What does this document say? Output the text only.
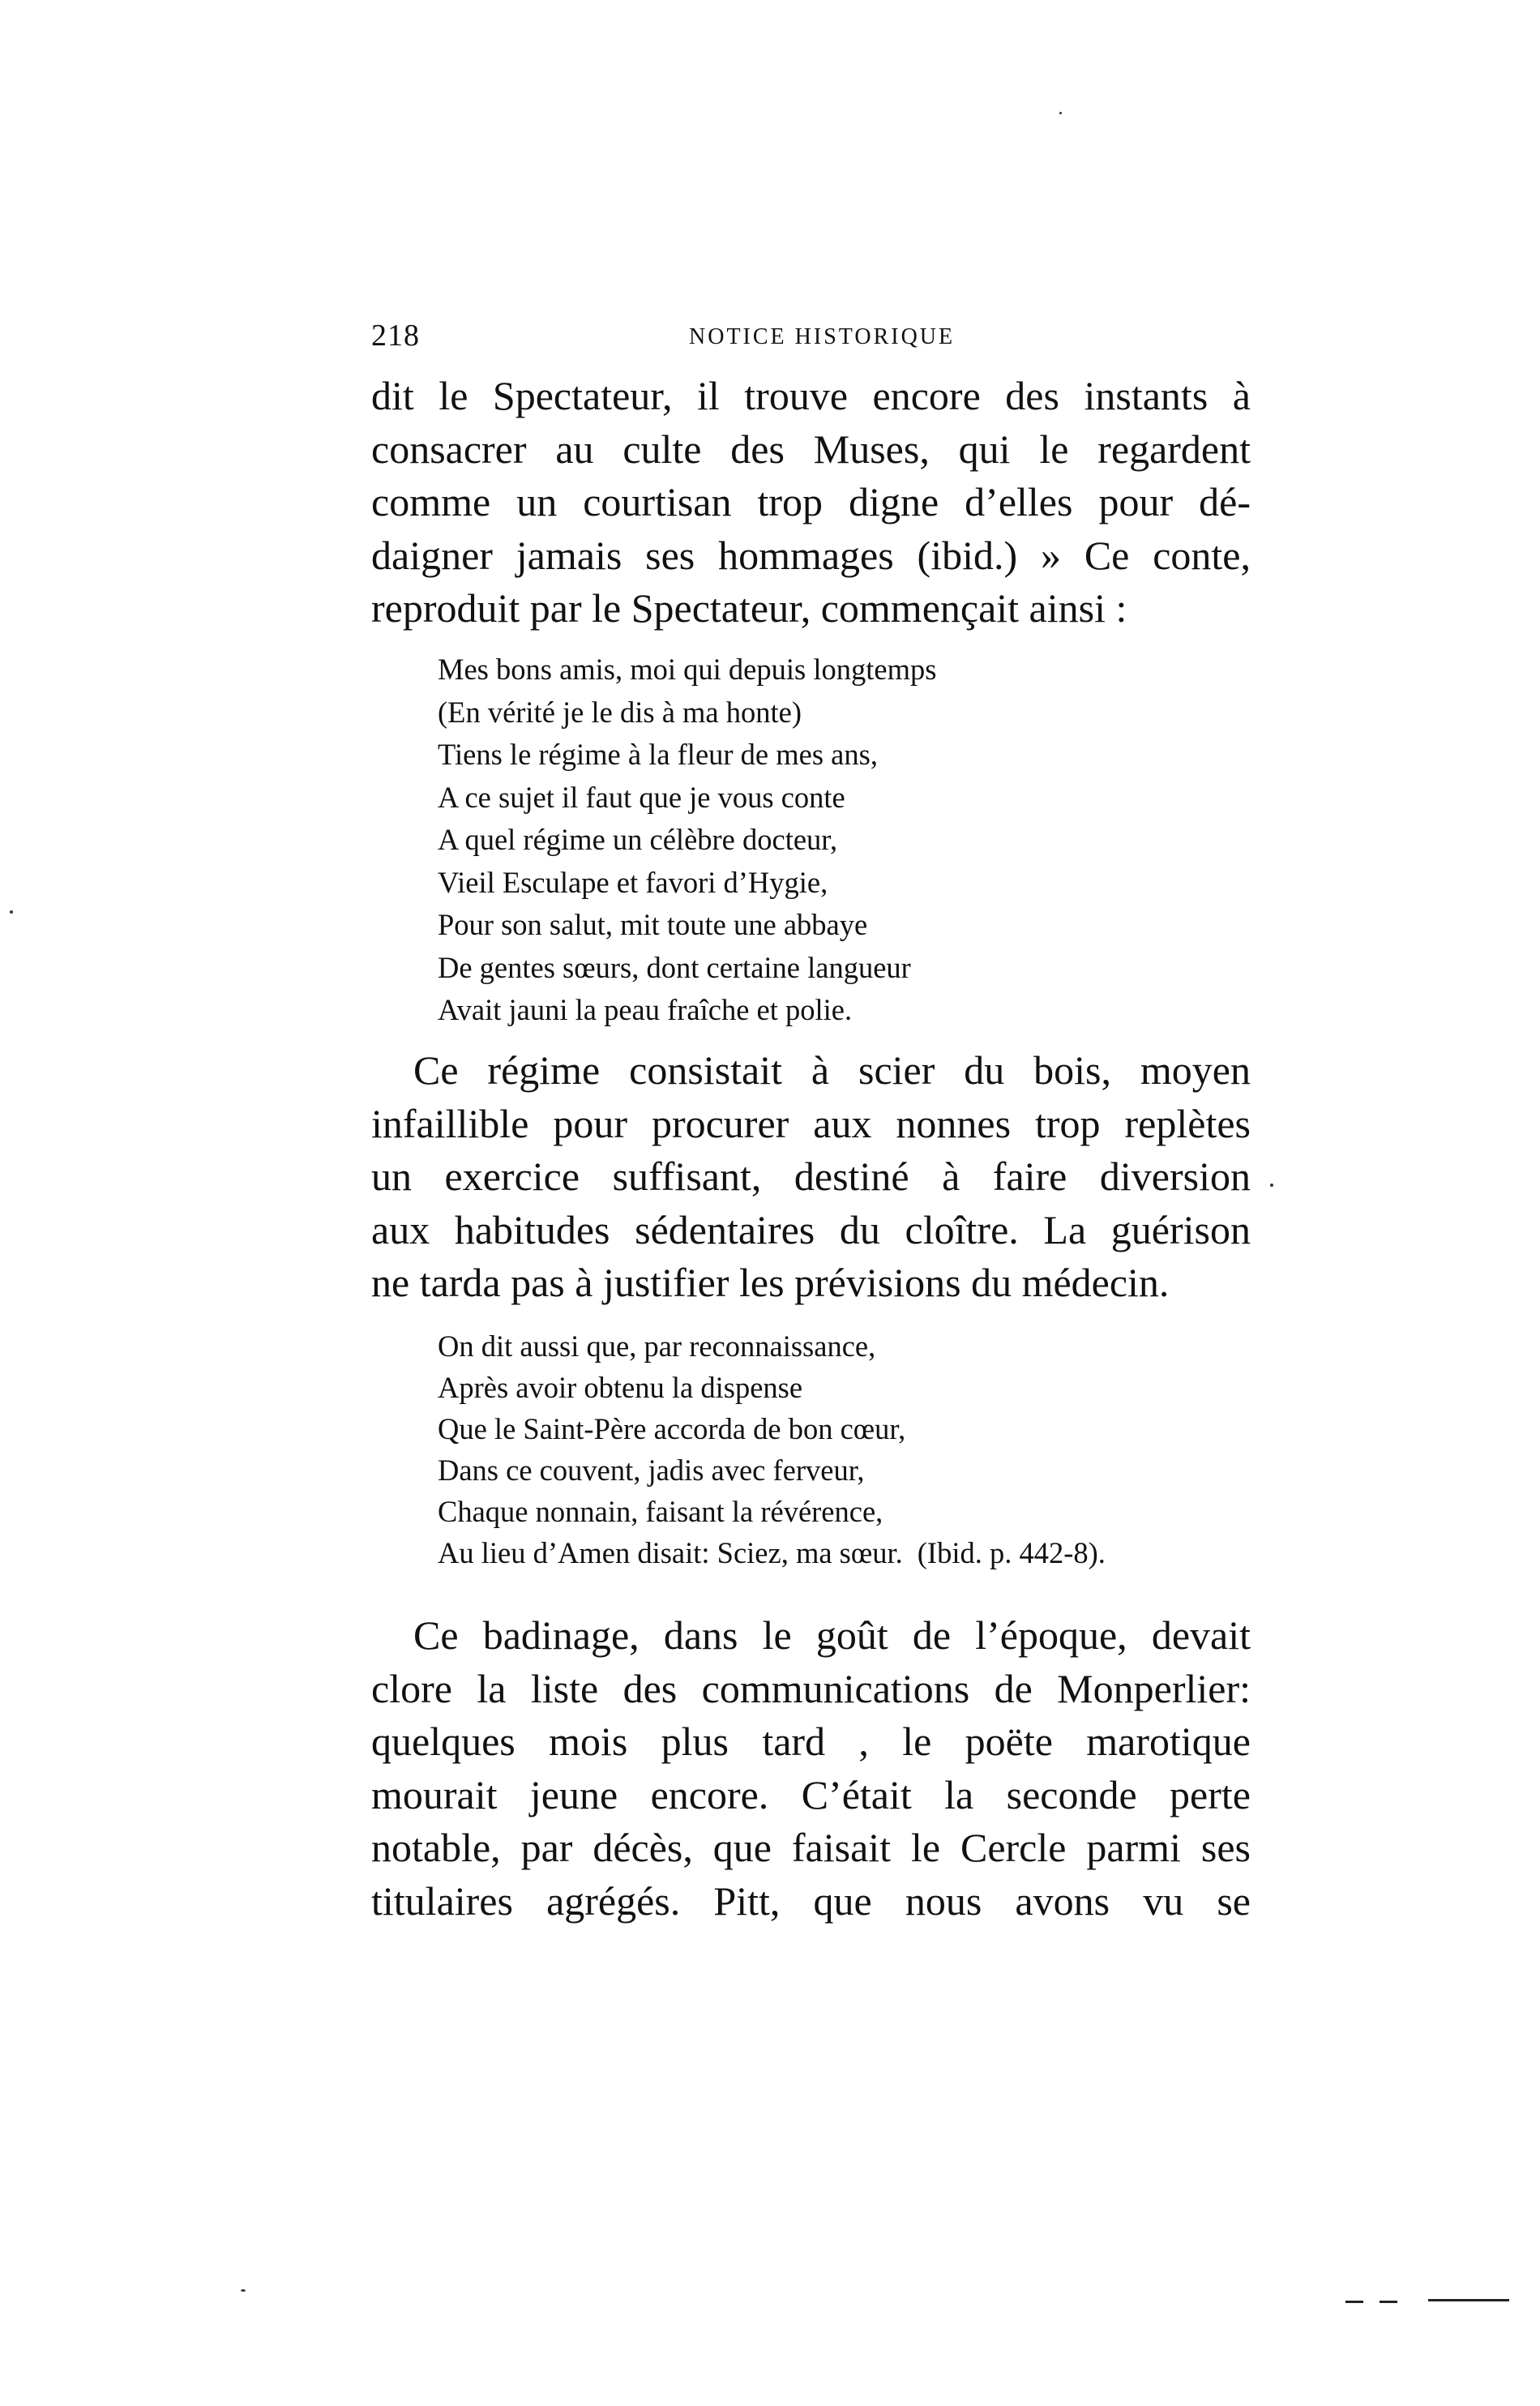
218	NOTICE HISTORIQUE

dit le Spectateur, il trouve encore des instants à
consacrer au culte des Muses, qui le regardent
comme un courtisan trop digne d’elles pour dé-
daigner jamais ses hommages (ibid.) » Ce conte,
reproduit par le Spectateur, commençait ainsi :

Mes bons amis, moi qui depuis longtemps
(En vérité je le dis à ma honte)
Tiens le régime à la fleur de mes ans,
A ce sujet il faut que je vous conte
A quel régime un célèbre docteur,
Vieil Esculape et favori d’Hygie,
Pour son salut, mit toute une abbaye
De gentes sœurs, dont certaine langueur
Avait jauni la peau fraîche et polie.

Ce régime consistait à scier du bois, moyen
infaillible pour procurer aux nonnes trop replètes
un exercice suffisant, destiné à faire diversion
aux habitudes sédentaires du cloître. La guérison
ne tarda pas à justifier les prévisions du médecin.

On dit aussi que, par reconnaissance,
Après avoir obtenu la dispense
Que le Saint-Père accorda de bon cœur,
Dans ce couvent, jadis avec ferveur,
Chaque nonnain, faisant la révérence,
Au lieu d’Amen disait: Sciez, ma sœur. (Ibid. p. 442-8).

Ce badinage, dans le goût de l’époque, devait
clore la liste des communications de Monperlier:
quelques mois plus tard , le poëte marotique
mourait jeune encore. C’était la seconde perte
notable, par décès, que faisait le Cercle parmi ses
titulaires agrégés. Pitt, que nous avons vu se
